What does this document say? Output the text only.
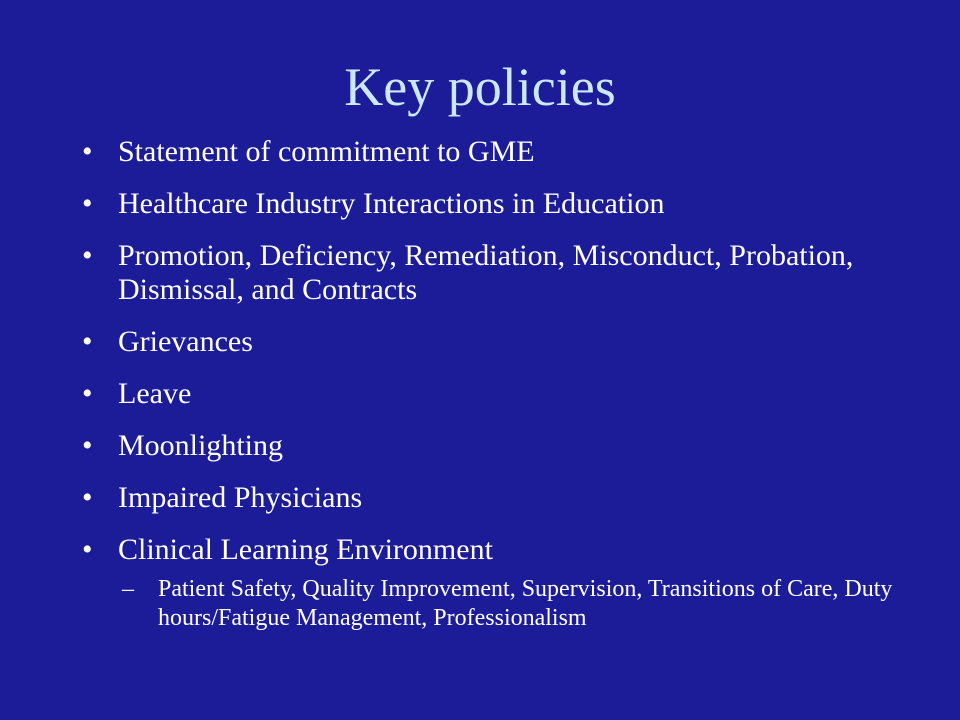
Key policies
• Statement of commitment to GME
• Healthcare Industry Interactions in Education
• Promotion, Deficiency, Remediation, Misconduct, Probation, Dismissal, and Contracts
• Grievances
• Leave
• Moonlighting
• Impaired Physicians
• Clinical Learning Environment
– Patient Safety, Quality Improvement, Supervision, Transitions of Care, Duty hours/Fatigue Management, Professionalism
